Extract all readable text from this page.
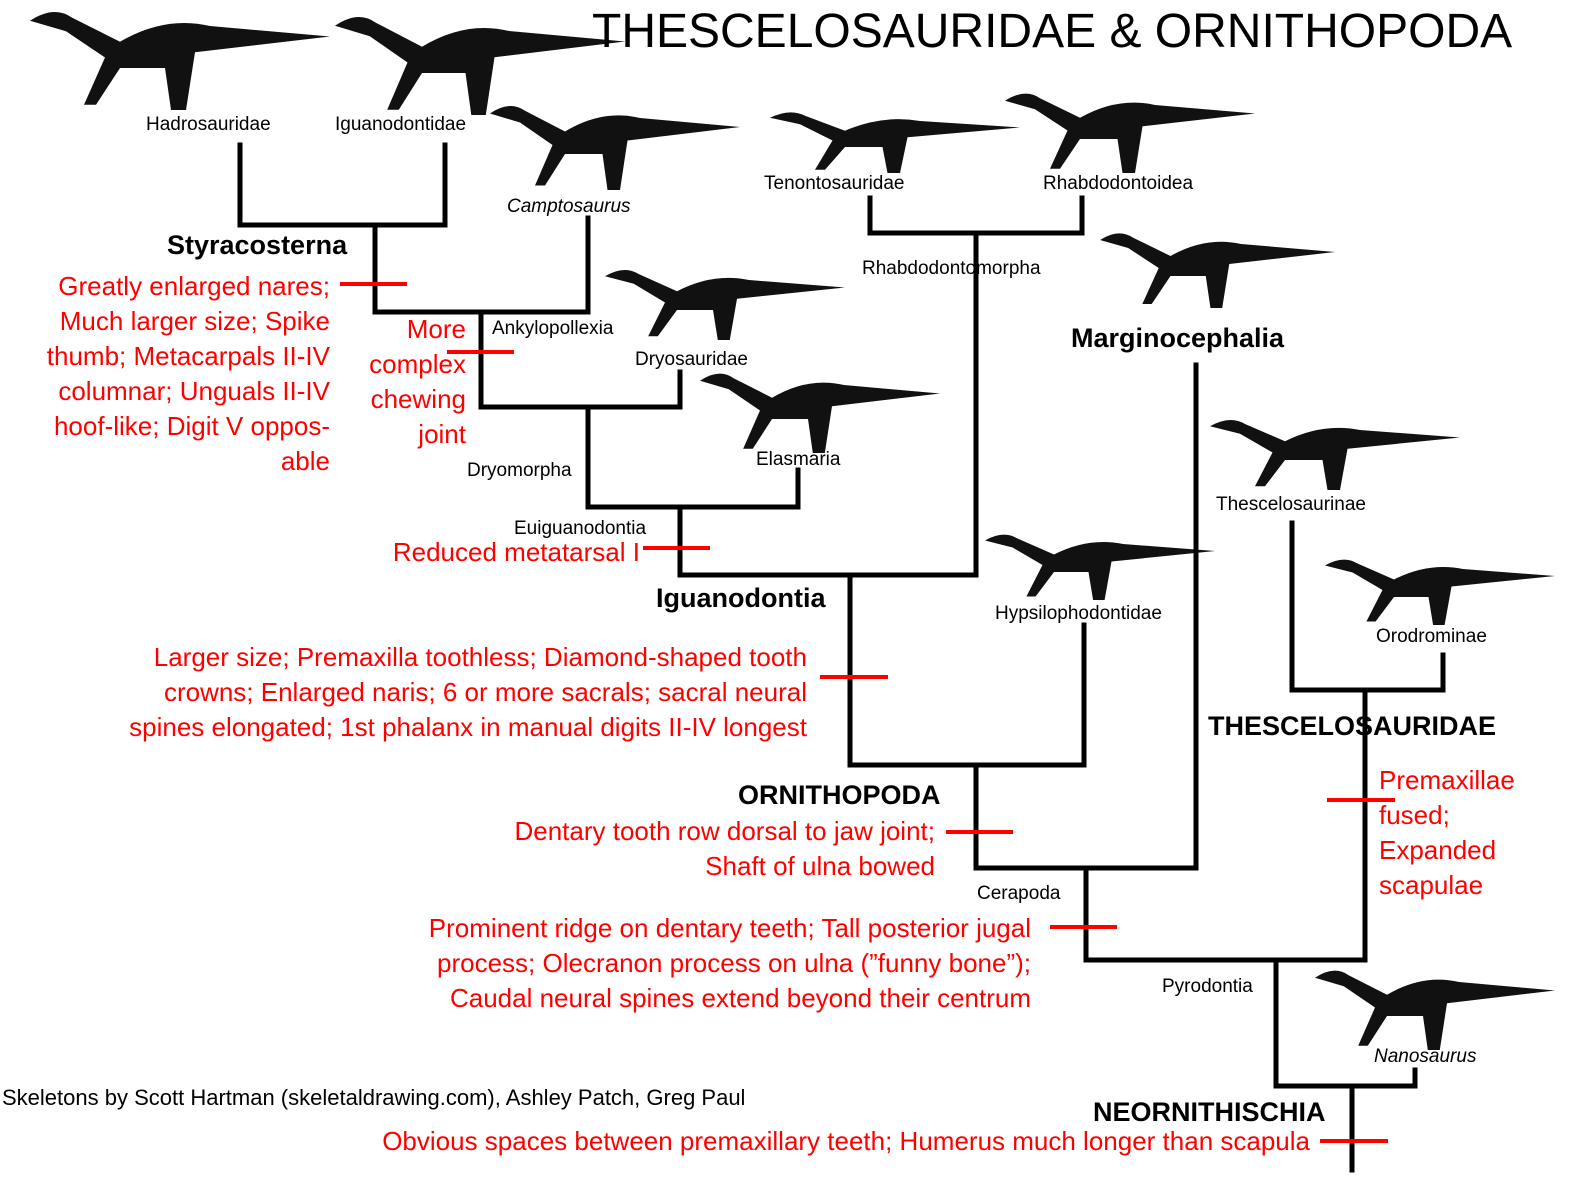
THESCELOSAURIDAE & ORNITHOPODA
Hadrosauridae	Iguanodontidae
Camptosaurus
Tenontosauridae	Rhabdodontoidea
Rhabdodontomorpha
Ankylopollexia
Dryosauridae
Elasmaria
Dryomorpha
Euiguanodontia
Hypsilophodontidae
Thescelosaurinae
Orodrominae
Cerapoda
Pyrodontia
Nanosaurus
Styracosterna
Marginocephalia
Iguanodontia
THESCELOSAURIDAE
ORNITHOPODA
NEORNITHISCHIA
Greatly enlarged nares;
Much larger size; Spike
thumb; Metacarpals II-IV
columnar; Unguals II-IV
hoof-like; Digit V oppos-
able
More
complex
chewing
joint
Reduced metatarsal I
Larger size; Premaxilla toothless; Diamond-shaped tooth
crowns; Enlarged naris; 6 or more sacrals; sacral neural
spines elongated; 1st phalanx in manual digits II-IV longest
Dentary tooth row dorsal to jaw joint;
Shaft of ulna bowed
Prominent ridge on dentary teeth; Tall posterior jugal
process; Olecranon process on ulna (”funny bone”);
Caudal neural spines extend beyond their centrum
Premaxillae
fused;
Expanded
scapulae
Obvious spaces between premaxillary teeth; Humerus much longer than scapula
Skeletons by Scott Hartman (skeletaldrawing.com), Ashley Patch, Greg Paul
